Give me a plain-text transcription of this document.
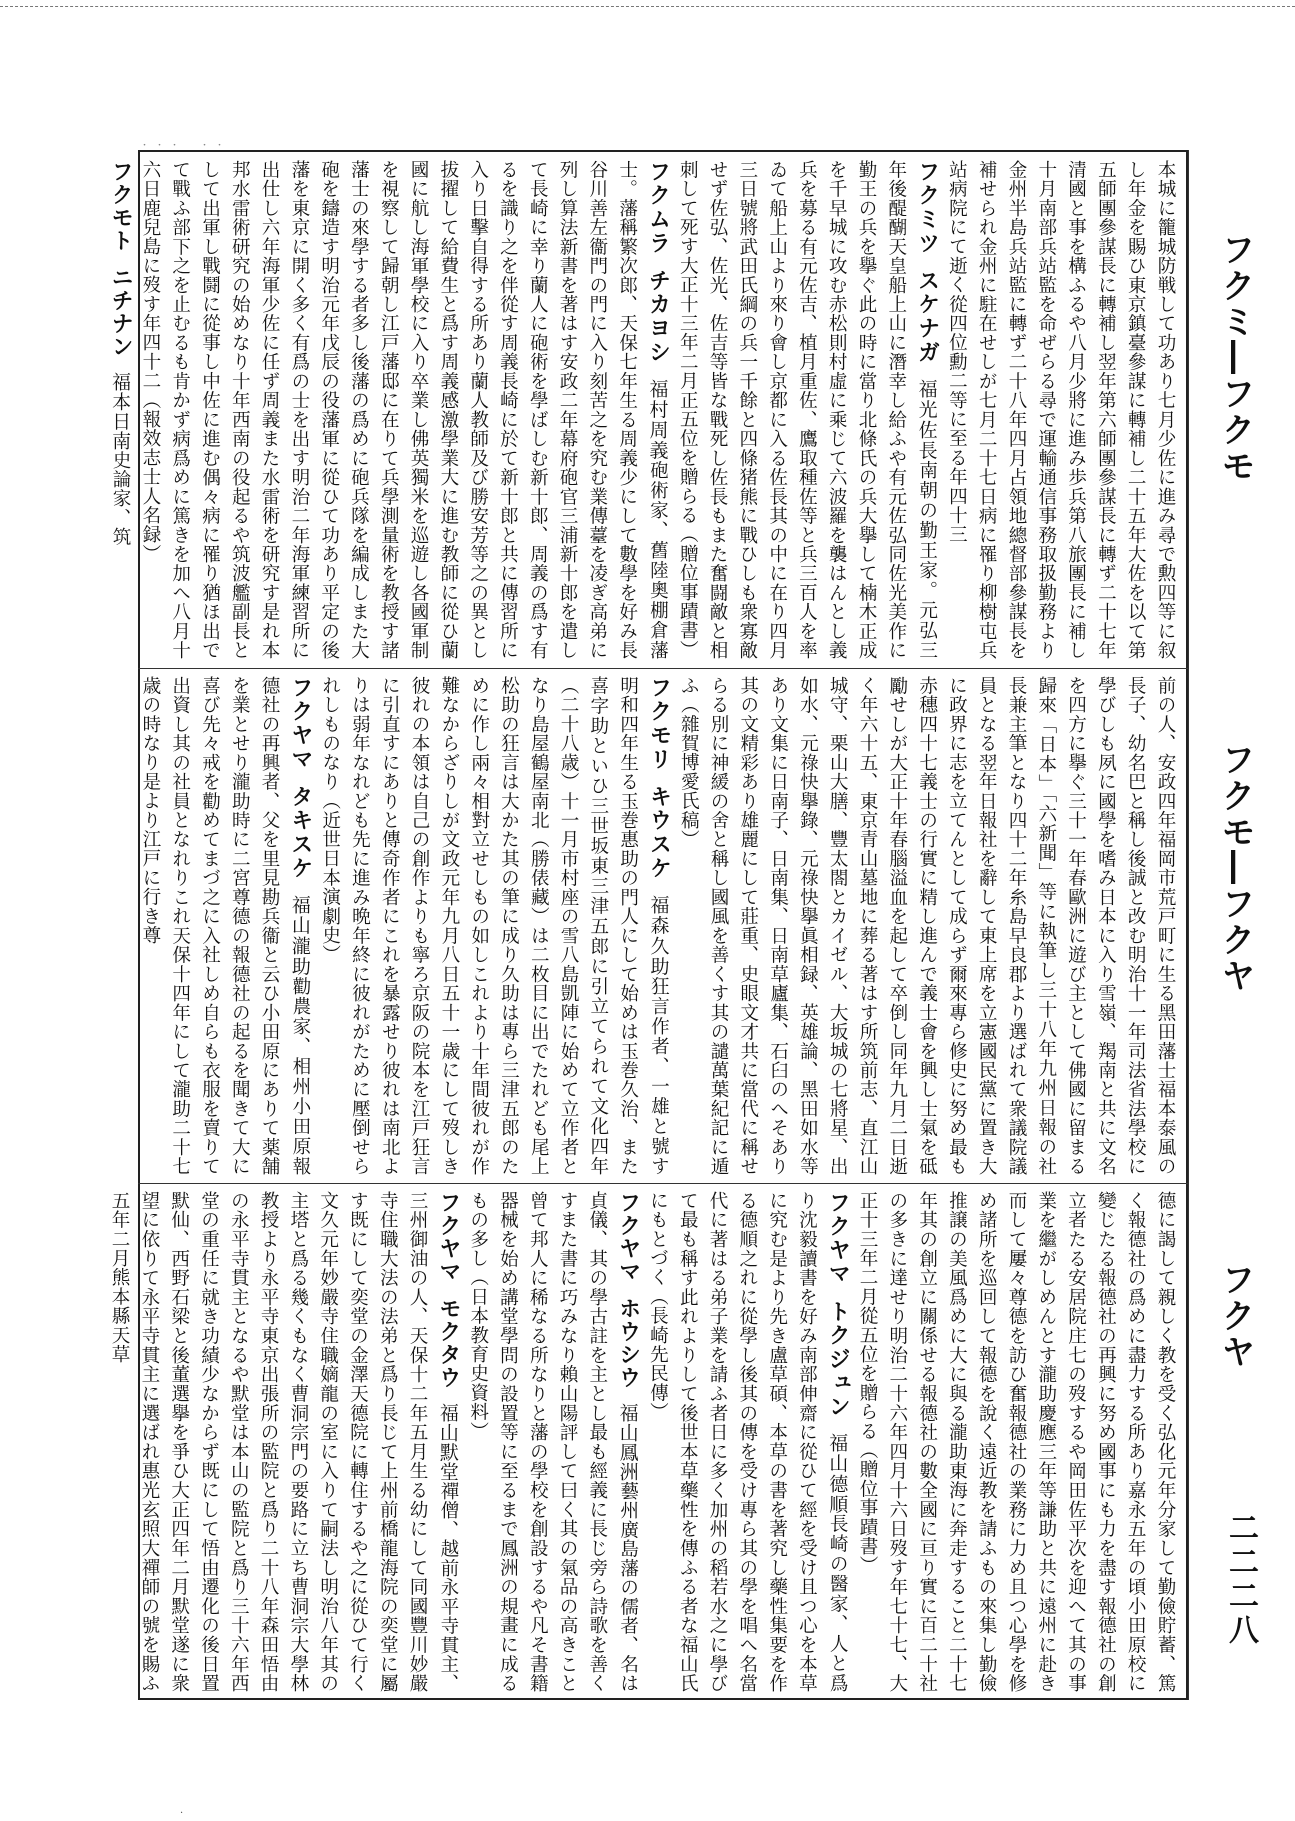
・・・　・・
フクミ―フクモ
フクモ―フクヤ
フクヤ
二二二八

本城に籠城防戦して功あり七月少佐に進み尋で勲四等に叙し年金を賜ひ東京鎮臺參謀に轉補し二十五年大佐を以て第五師團參謀長に轉補し翌年第六師團參謀長に轉ず二十七年清國と事を構ふるや八月少將に進み歩兵第八旅團長に補し十月南部兵站監を命ぜらる尋で運輸通信事務取扱勤務より金州半島兵站監に轉ず二十八年四月占領地總督部參謀長を補せられ金州に駐在せしが七月二十七日病に罹り柳樹屯兵站病院にて逝く從四位勳二等に至る年四十三

フクミツスケナガ福光佐長南朝の勤王家。元弘三年後醍醐天皇船上山に潛幸し給ふや有元佐弘同佐光美作に勤王の兵を擧ぐ此の時に當り北條氏の兵大擧して楠木正成を千早城に攻む赤松則村虛に乘じて六波羅を襲はんとし義兵を募る有元佐吉、植月重佐、鷹取種佐等と兵三百人を率ゐて船上山より來り會し京都に入る佐長其の中に在り四月三日號將武田氏綱の兵一千餘と四條猪熊に戰ひしも衆寡敵せず佐弘、佐光、佐吉等皆な戰死し佐長もまた奮闘敵と相刺して死す大正十三年二月正五位を贈らる（贈位事蹟書）

フクムラチカヨシ福村周義砲術家、舊陸奧棚倉藩士。藩稱繁次郎、天保七年生る周義少にして數學を好み長谷川善左衞門の門に入り刻苦之を究む業傳薹を凌ぎ高弟に列し算法新書を著はす安政二年幕府砲官三浦新十郎を遣して長崎に幸り蘭人に砲術を學ばしむ新十郎、周義の爲す有るを識り之を伴從す周義長崎に於て新十郎と共に傳習所に入り日擊自得する所あり蘭人教師及び勝安芳等之の異とし拔擢して給費生と爲す周義感激學業大に進む教師に從ひ蘭國に航し海軍學校に入り卒業し佛英獨米を巡遊し各國軍制を視察して歸朝し江戸藩邸に在りて兵學測量術を教授す諸藩士の來學する者多し後藩の爲めに砲兵隊を編成しまた大砲を鑄造す明治元年戊辰の役藩軍に從ひて功あり平定の後藩を東京に開く多く有爲の士を出す明治二年海軍練習所に出仕し六年海軍少佐に任ず周義また水雷術を研究す是れ本邦水雷術研究の始めなり十年西南の役起るや筑波艦副長として出軍し戰鬪に從事し中佐に進む偶々病に罹り猶ほ出でて戰ふ部下之を止むるも肯かず病爲めに篤きを加へ八月十六日鹿兒島に歿す年四十二（報效志士人名録）

フクモトニチナン福本日南史論家、筑

前の人、安政四年福岡市荒戸町に生る黑田藩士福本泰風の長子、幼名巴と稱し後誠と改む明治十一年司法省法學校に學びしも夙に國學を嗜み日本に入り雪嶺、羯南と共に文名を四方に擧ぐ三十一年春歐洲に遊び主として佛國に留まる歸來「日本」「六新聞」等に執筆し三十八年九州日報の社長兼主筆となり四十二年糸島早良郡より選ばれて衆議院議員となる翌年日報社を辭して東上席を立憲國民黨に置き大に政界に志を立てんとして成らず爾來專ら修史に努め最も赤穗四十七義士の行實に精し進んで義士會を興し士氣を砥勵せしが大正十年春腦溢血を起して卒倒し同年九月二日逝く年六十五、東京青山墓地に葬る著はす所筑前志、直江山城守、栗山大膳、豐太閤とカイゼル、大坂城の七將星、出如水、元祿快擧錄、元祿快擧眞相録、英雄論、黑田如水等あり文集に日南子、日南集、日南草廬集、石臼のへそあり其の文精彩あり雄麗にして莊重、史眼文才共に當代に稱せらる別に神緩の舍と稱し國風を善くす其の譴萬葉紀記に遁ふ（雜賀博愛氏稿）

フクモリキウスケ福森久助狂言作者、一雄と號す明和四年生る玉巻惠助の門人にして始めは玉巻久治、また喜字助といひ三世坂東三津五郎に引立てられて文化四年（二十八歳）十一月市村座の雪八島凱陣に始めて立作者となり島屋鶴屋南北（勝俵藏）は二枚目に出でたれども尾上松助の狂言は大かた其の筆に成り久助は專ら三津五郎のために作し兩々相對立せしもの如しこれより十年間彼れが作難なからざりしが文政元年九月八日五十一歳にして歿しき彼れの本領は自己の創作よりも寧ろ京阪の院本を江戸狂言に引直すにありと傳奇作者にこれを暴露せり彼れは南北よりは弱年なれども先に進み晩年終に彼れがために壓倒せられしものなり（近世日本演劇史）

フクヤマタキスケ福山瀧助勸農家、相州小田原報德社の再興者、父を里見勘兵衞と云ひ小田原にありて薬舗を業とせり瀧助時に二宮尊德の報德社の起るを聞きて大に喜び先々戒を勸めてまづ之に入社しめ自らも衣服を賣りて出資し其の社員となれりこれ天保十四年にして瀧助二十七歳の時なり是より江戸に行き尊

德に謁して親しく教を受く弘化元年分家して勤儉貯蓄、篤く報德社の爲めに盡力する所あり嘉永五年の頃小田原校に變じたる報德社の再興に努め國事にも力を盡す報德社の創立者たる安居院庄七の歿するや岡田佐平次を迎へて其の事業を繼がしめんとす瀧助慶應三年等謙助と共に遠州に赴き而して屢々尊德を訪ひ奮報德社の業務に力め且つ心學を修め諸所を巡回して報德を說く遠近教を請ふもの來集し勤儉推譲の美風爲めに大に與る瀧助東海に奔走すること二十七年其の創立に關係せる報德社の數全國に亘り實に百二十社の多きに達せり明治二十六年四月十六日歿す年七十七、大正十三年二月從五位を贈らる（贈位事蹟書）

フクヤマトクジュン福山德順長崎の醫家、人と爲り沈毅讀書を好み南部伸齋に從ひて經を受け且つ心を本草に究む是より先き盧草碩、本草の書を著究し藥性集要を作る德順之れに從學し後其の傳を受け專ら其の學を唱へ名當代に著はる弟子業を請ふ者日に多く加州の稻若水之に學びて最も稱す此れよりして後世本草藥性を傳ふる者な福山氏にもとづく（長崎先民傳）

フクヤマホウシウ福山鳳洲藝州廣島藩の儒者、名は貞儀、其の學古註を主とし最も經義に長じ旁ら詩歌を善くすまた書に巧みなり賴山陽評して曰く其の氣品の高きこと曾て邦人に稀なる所なりと藩の學校を創設するや凡そ書籍器械を始め講堂學問の設置等に至るまで鳳洲の規畫に成るもの多し（日本教育史資料）

フクヤマモクタウ福山默堂禪僧、越前永平寺貫主、三州御油の人、天保十二年五月生る幼にして同國豐川妙嚴寺住職大法の法弟と爲り長じて上州前橋龍海院の奕堂に屬す既にして奕堂の金澤天德院に轉住するや之に從ひて行く文久元年妙嚴寺住職嫡龍の室に入りて嗣法し明治八年其の主塔と爲る幾くもなく曹洞宗門の要路に立ち曹洞宗大學林教授より永平寺東京出張所の監院と爲り二十八年森田悟由の永平寺貫主となるや默堂は本山の監院と爲り三十六年西堂の重任に就き功績少なからず既にして悟由遷化の後日置默仙、西野石梁と後董選擧を爭ひ大正四年二月默堂遂に衆望に依りて永平寺貫主に選ばれ惠光玄照大禪師の號を賜ふ五年二月熊本縣天草

·
